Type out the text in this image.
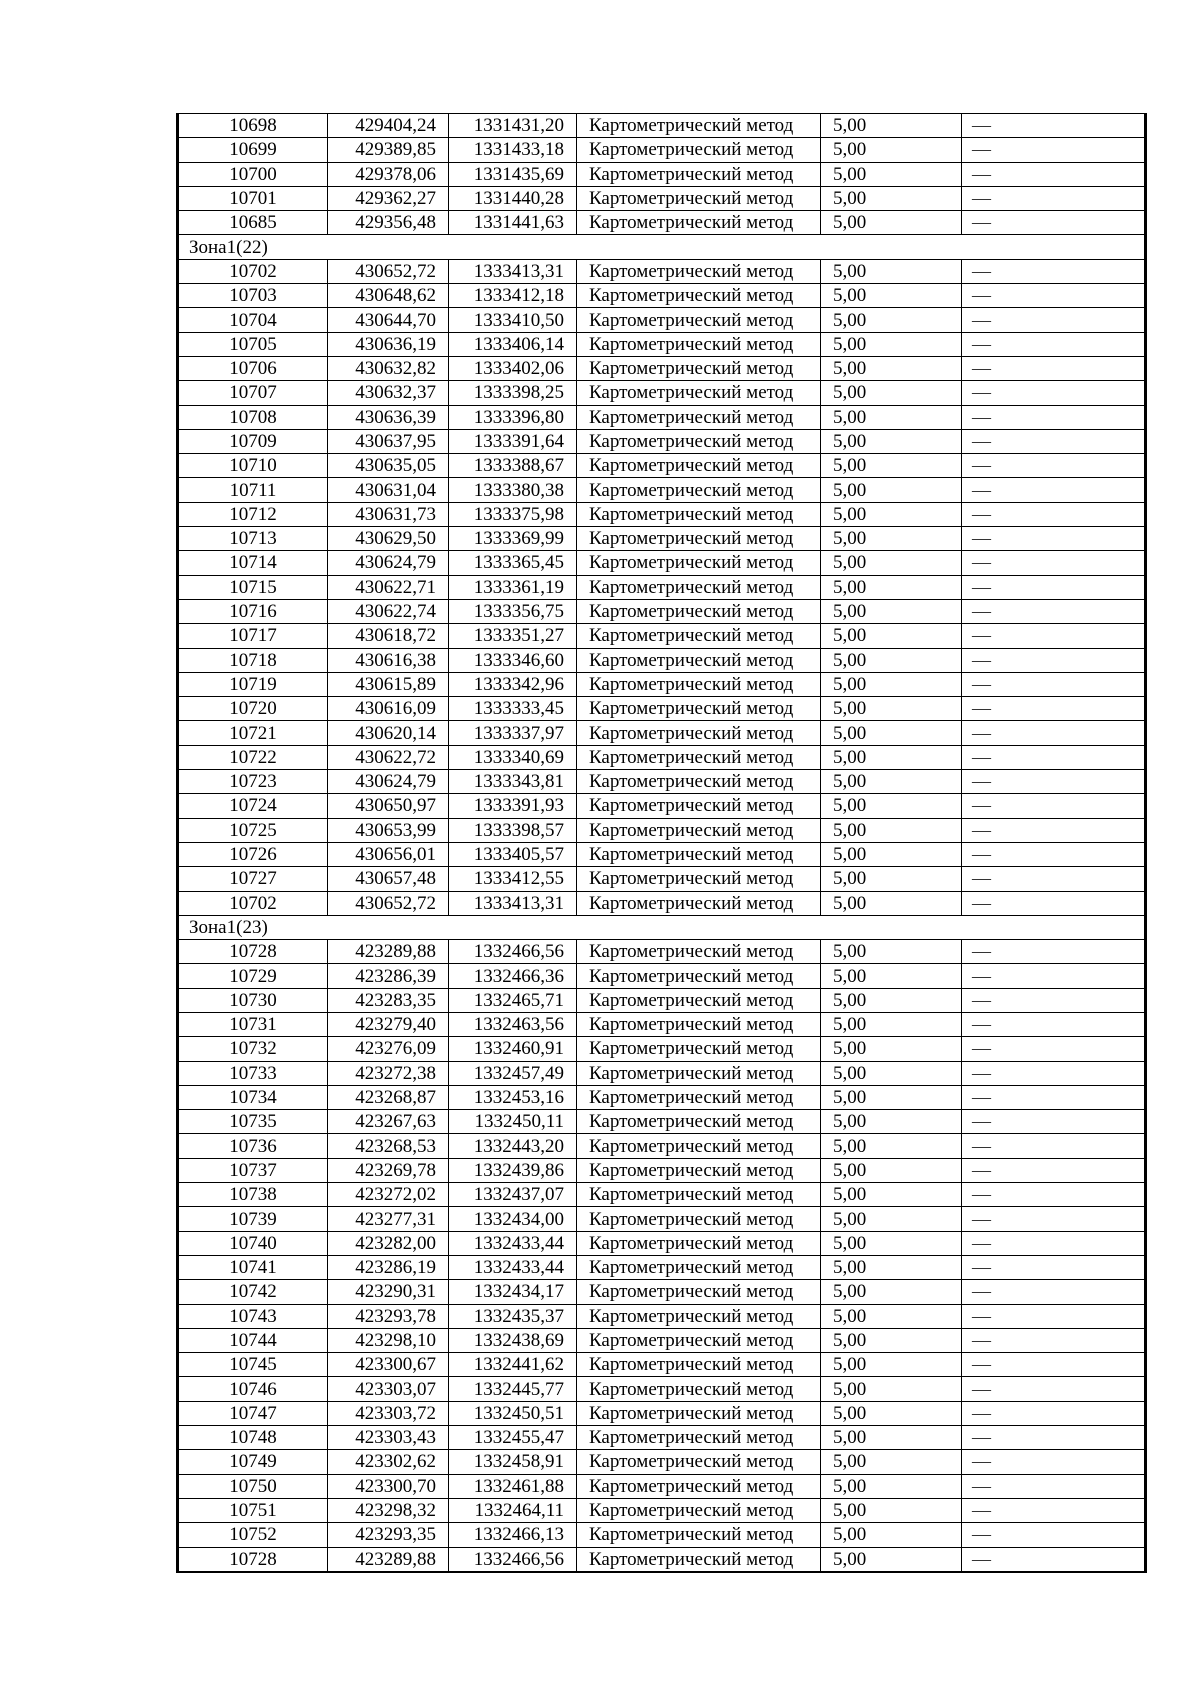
10698	429404,24	1331431,20	Картометрический метод	5,00	—
10699	429389,85	1331433,18	Картометрический метод	5,00	—
10700	429378,06	1331435,69	Картометрический метод	5,00	—
10701	429362,27	1331440,28	Картометрический метод	5,00	—
10685	429356,48	1331441,63	Картометрический метод	5,00	—
Зона1(22)					
10702	430652,72	1333413,31	Картометрический метод	5,00	—
10703	430648,62	1333412,18	Картометрический метод	5,00	—
10704	430644,70	1333410,50	Картометрический метод	5,00	—
10705	430636,19	1333406,14	Картометрический метод	5,00	—
10706	430632,82	1333402,06	Картометрический метод	5,00	—
10707	430632,37	1333398,25	Картометрический метод	5,00	—
10708	430636,39	1333396,80	Картометрический метод	5,00	—
10709	430637,95	1333391,64	Картометрический метод	5,00	—
10710	430635,05	1333388,67	Картометрический метод	5,00	—
10711	430631,04	1333380,38	Картометрический метод	5,00	—
10712	430631,73	1333375,98	Картометрический метод	5,00	—
10713	430629,50	1333369,99	Картометрический метод	5,00	—
10714	430624,79	1333365,45	Картометрический метод	5,00	—
10715	430622,71	1333361,19	Картометрический метод	5,00	—
10716	430622,74	1333356,75	Картометрический метод	5,00	—
10717	430618,72	1333351,27	Картометрический метод	5,00	—
10718	430616,38	1333346,60	Картометрический метод	5,00	—
10719	430615,89	1333342,96	Картометрический метод	5,00	—
10720	430616,09	1333333,45	Картометрический метод	5,00	—
10721	430620,14	1333337,97	Картометрический метод	5,00	—
10722	430622,72	1333340,69	Картометрический метод	5,00	—
10723	430624,79	1333343,81	Картометрический метод	5,00	—
10724	430650,97	1333391,93	Картометрический метод	5,00	—
10725	430653,99	1333398,57	Картометрический метод	5,00	—
10726	430656,01	1333405,57	Картометрический метод	5,00	—
10727	430657,48	1333412,55	Картометрический метод	5,00	—
10702	430652,72	1333413,31	Картометрический метод	5,00	—
Зона1(23)					
10728	423289,88	1332466,56	Картометрический метод	5,00	—
10729	423286,39	1332466,36	Картометрический метод	5,00	—
10730	423283,35	1332465,71	Картометрический метод	5,00	—
10731	423279,40	1332463,56	Картометрический метод	5,00	—
10732	423276,09	1332460,91	Картометрический метод	5,00	—
10733	423272,38	1332457,49	Картометрический метод	5,00	—
10734	423268,87	1332453,16	Картометрический метод	5,00	—
10735	423267,63	1332450,11	Картометрический метод	5,00	—
10736	423268,53	1332443,20	Картометрический метод	5,00	—
10737	423269,78	1332439,86	Картометрический метод	5,00	—
10738	423272,02	1332437,07	Картометрический метод	5,00	—
10739	423277,31	1332434,00	Картометрический метод	5,00	—
10740	423282,00	1332433,44	Картометрический метод	5,00	—
10741	423286,19	1332433,44	Картометрический метод	5,00	—
10742	423290,31	1332434,17	Картометрический метод	5,00	—
10743	423293,78	1332435,37	Картометрический метод	5,00	—
10744	423298,10	1332438,69	Картометрический метод	5,00	—
10745	423300,67	1332441,62	Картометрический метод	5,00	—
10746	423303,07	1332445,77	Картометрический метод	5,00	—
10747	423303,72	1332450,51	Картометрический метод	5,00	—
10748	423303,43	1332455,47	Картометрический метод	5,00	—
10749	423302,62	1332458,91	Картометрический метод	5,00	—
10750	423300,70	1332461,88	Картометрический метод	5,00	—
10751	423298,32	1332464,11	Картометрический метод	5,00	—
10752	423293,35	1332466,13	Картометрический метод	5,00	—
10728	423289,88	1332466,56	Картометрический метод	5,00	—
